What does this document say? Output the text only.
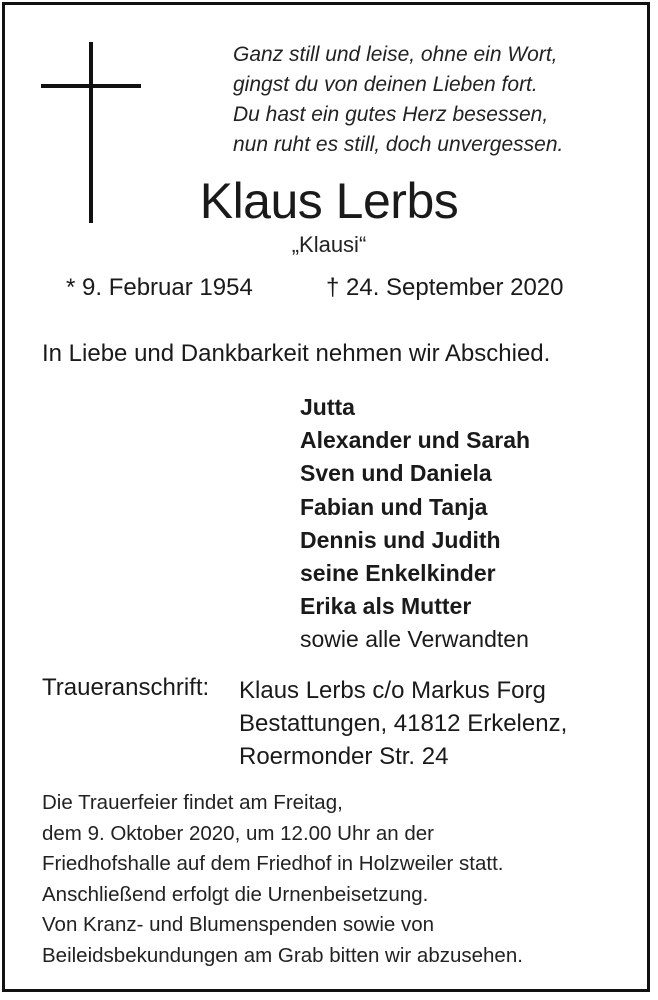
Ganz still und leise, ohne ein Wort,
gingst du von deinen Lieben fort.
Du hast ein gutes Herz besessen,
nun ruht es still, doch unvergessen.
Klaus Lerbs
„Klausi“
* 9. Februar 1954	† 24. September 2020
In Liebe und Dankbarkeit nehmen wir Abschied.
Jutta
Alexander und Sarah
Sven und Daniela
Fabian und Tanja
Dennis und Judith
seine Enkelkinder
Erika als Mutter
sowie alle Verwandten
Traueranschrift: Klaus Lerbs c/o Markus Forg
Bestattungen, 41812 Erkelenz,
Roermonder Str. 24
Die Trauerfeier findet am Freitag,
dem 9. Oktober 2020, um 12.00 Uhr an der
Friedhofshalle auf dem Friedhof in Holzweiler statt.
Anschließend erfolgt die Urnenbeisetzung.
Von Kranz- und Blumenspenden sowie von
Beileidsbekundungen am Grab bitten wir abzusehen.
